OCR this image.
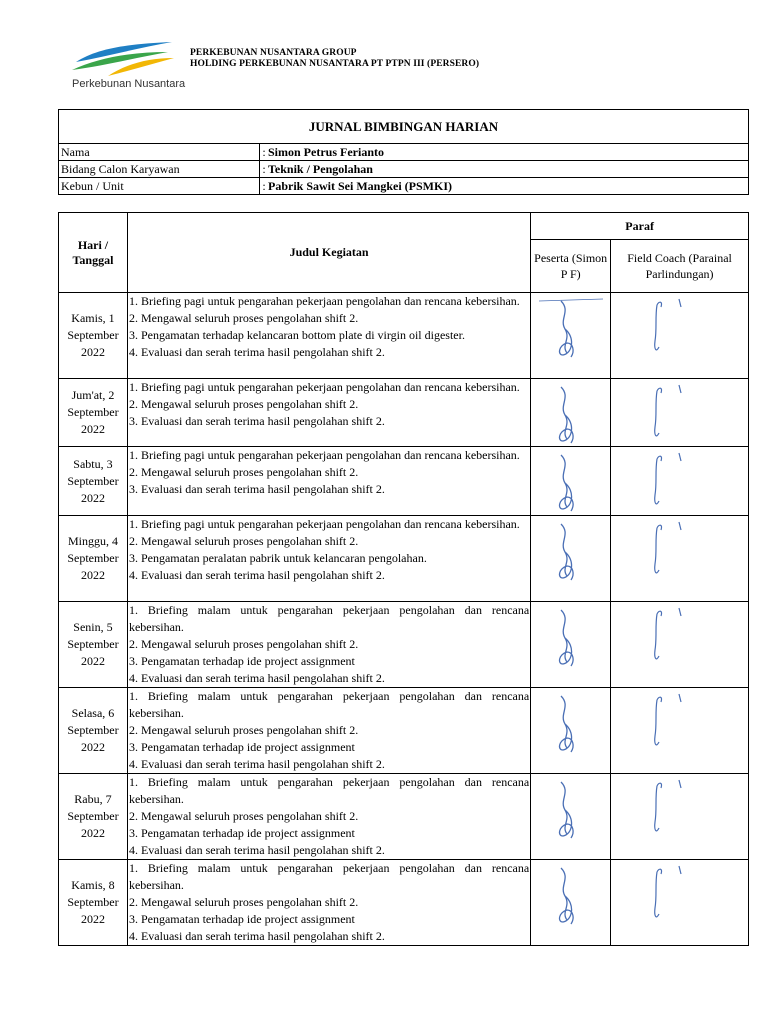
Perkebunan Nusantara
PERKEBUNAN NUSANTARA GROUP
HOLDING PERKEBUNAN NUSANTARA PT PTPN III (PERSERO)
JURNAL BIMBINGAN HARIAN	
Nama	: Simon Petrus Ferianto
Bidang Calon Karyawan	: Teknik / Pengolahan
Kebun / Unit	: Pabrik Sawit Sei Mangkei (PSMKI)
Hari / Tanggal	Judul Kegiatan	Paraf	
		Peserta (Simon P F)	Field Coach (Parainal Parlindungan)
Kamis, 1 September 2022	1. Briefing pagi untuk pengarahan pekerjaan pengolahan dan rencana kebersihan.
2. Mengawal seluruh proses pengolahan shift 2.
3. Pengamatan terhadap kelancaran bottom plate di virgin oil digester.
4. Evaluasi dan serah terima hasil pengolahan shift 2.

Jum'at, 2 September 2022	1. Briefing pagi untuk pengarahan pekerjaan pengolahan dan rencana kebersihan.
2. Mengawal seluruh proses pengolahan shift 2.
3. Evaluasi dan serah terima hasil pengolahan shift 2.

Sabtu, 3 September 2022	1. Briefing pagi untuk pengarahan pekerjaan pengolahan dan rencana kebersihan.
2. Mengawal seluruh proses pengolahan shift 2.
3. Evaluasi dan serah terima hasil pengolahan shift 2.

Minggu, 4 September 2022	1. Briefing pagi untuk pengarahan pekerjaan pengolahan dan rencana kebersihan.
2. Mengawal seluruh proses pengolahan shift 2.
3. Pengamatan peralatan pabrik untuk kelancaran pengolahan.
4. Evaluasi dan serah terima hasil pengolahan shift 2.

Senin, 5 September 2022	1. Briefing malam untuk pengarahan pekerjaan pengolahan dan rencana kebersihan.
2. Mengawal seluruh proses pengolahan shift 2.
3. Pengamatan terhadap ide project assignment
4. Evaluasi dan serah terima hasil pengolahan shift 2.

Selasa, 6 September 2022	1. Briefing malam untuk pengarahan pekerjaan pengolahan dan rencana kebersihan.
2. Mengawal seluruh proses pengolahan shift 2.
3. Pengamatan terhadap ide project assignment
4. Evaluasi dan serah terima hasil pengolahan shift 2.

Rabu, 7 September 2022	1. Briefing malam untuk pengarahan pekerjaan pengolahan dan rencana kebersihan.
2. Mengawal seluruh proses pengolahan shift 2.
3. Pengamatan terhadap ide project assignment
4. Evaluasi dan serah terima hasil pengolahan shift 2.

Kamis, 8 September 2022	1. Briefing malam untuk pengarahan pekerjaan pengolahan dan rencana kebersihan.
2. Mengawal seluruh proses pengolahan shift 2.
3. Pengamatan terhadap ide project assignment
4. Evaluasi dan serah terima hasil pengolahan shift 2.
